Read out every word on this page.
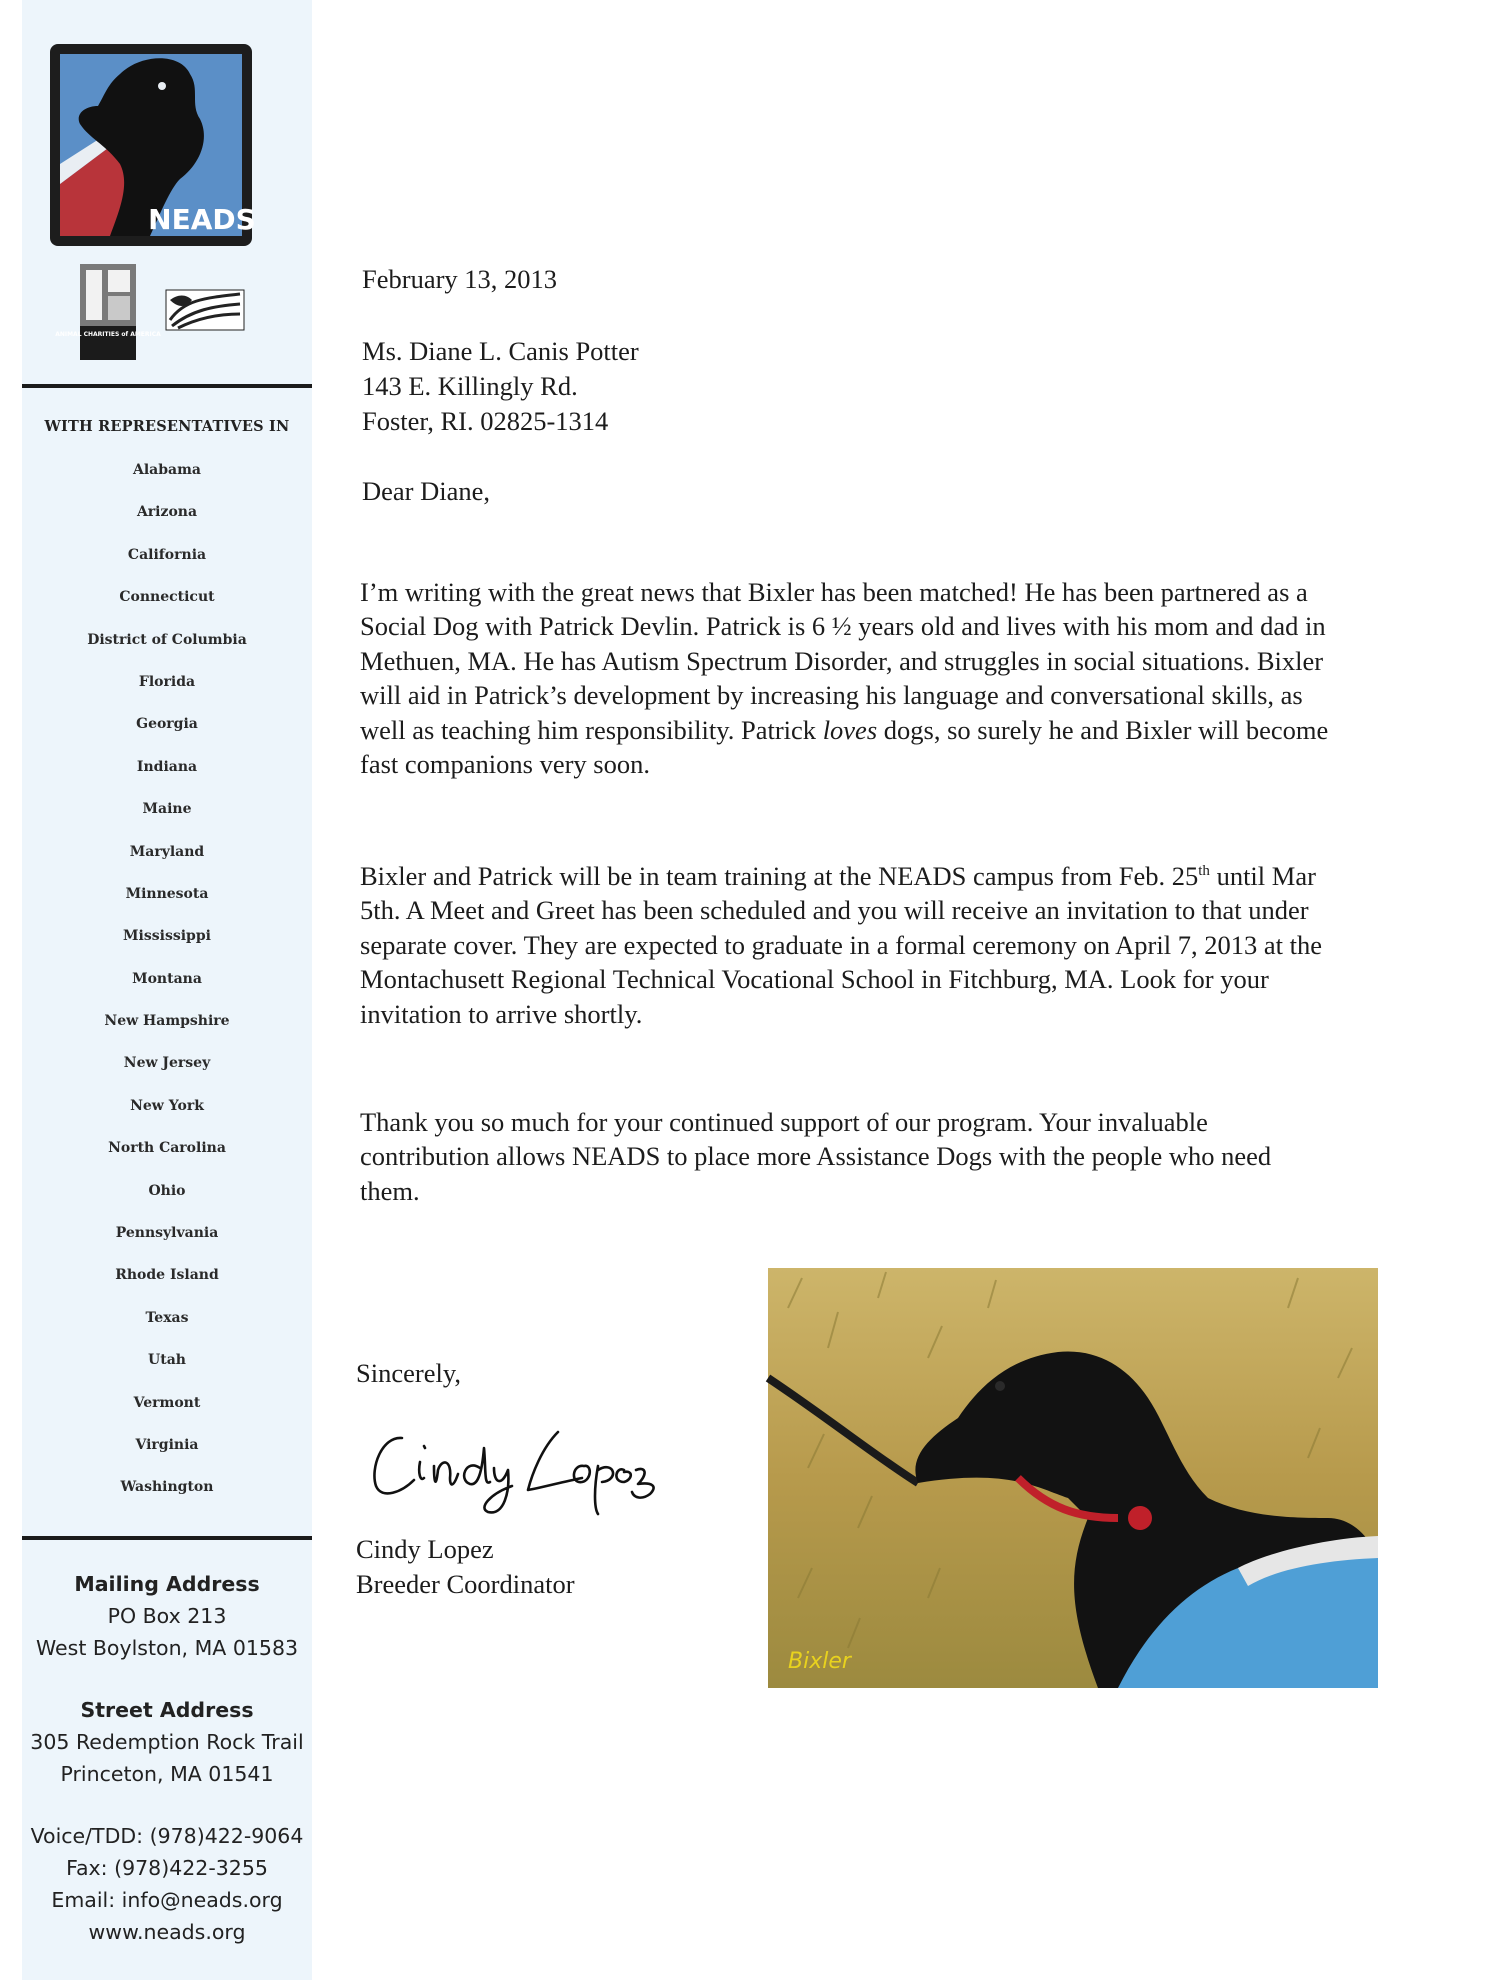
NEADS
ANIMAL CHARITIES of AMERICA
WITH REPRESENTATIVES IN
Alabama
Arizona
California
Connecticut
District of Columbia
Florida
Georgia
Indiana
Maine
Maryland
Minnesota
Mississippi
Montana
New Hampshire
New Jersey
New York
North Carolina
Ohio
Pennsylvania
Rhode Island
Texas
Utah
Vermont
Virginia
Washington
Mailing Address
PO Box 213
West Boylston, MA 01583
Street Address
305 Redemption Rock Trail
Princeton, MA 01541
Voice/TDD: (978)422-9064
Fax: (978)422-3255
Email: info@neads.org
www.neads.org
February 13, 2013
Ms. Diane L. Canis Potter
143 E. Killingly Rd.
Foster, RI. 02825-1314
Dear Diane,

I’m writing with the great news that Bixler has been matched! He has been partnered as a Social Dog with Patrick Devlin. Patrick is 6 ½ years old and lives with his mom and dad in Methuen, MA. He has Autism Spectrum Disorder, and struggles in social situations. Bixler will aid in Patrick’s development by increasing his language and conversational skills, as well as teaching him responsibility. Patrick loves dogs, so surely he and Bixler will become fast companions very soon.

Bixler and Patrick will be in team training at the NEADS campus from Feb. 25th until Mar 5th. A Meet and Greet has been scheduled and you will receive an invitation to that under separate cover. They are expected to graduate in a formal ceremony on April 7, 2013 at the Montachusett Regional Technical Vocational School in Fitchburg, MA. Look for your invitation to arrive shortly.

Thank you so much for your continued support of our program. Your invaluable contribution allows NEADS to place more Assistance Dogs with the people who need them.

Sincerely,
Cindy Lopez
Breeder Coordinator
Bixler
